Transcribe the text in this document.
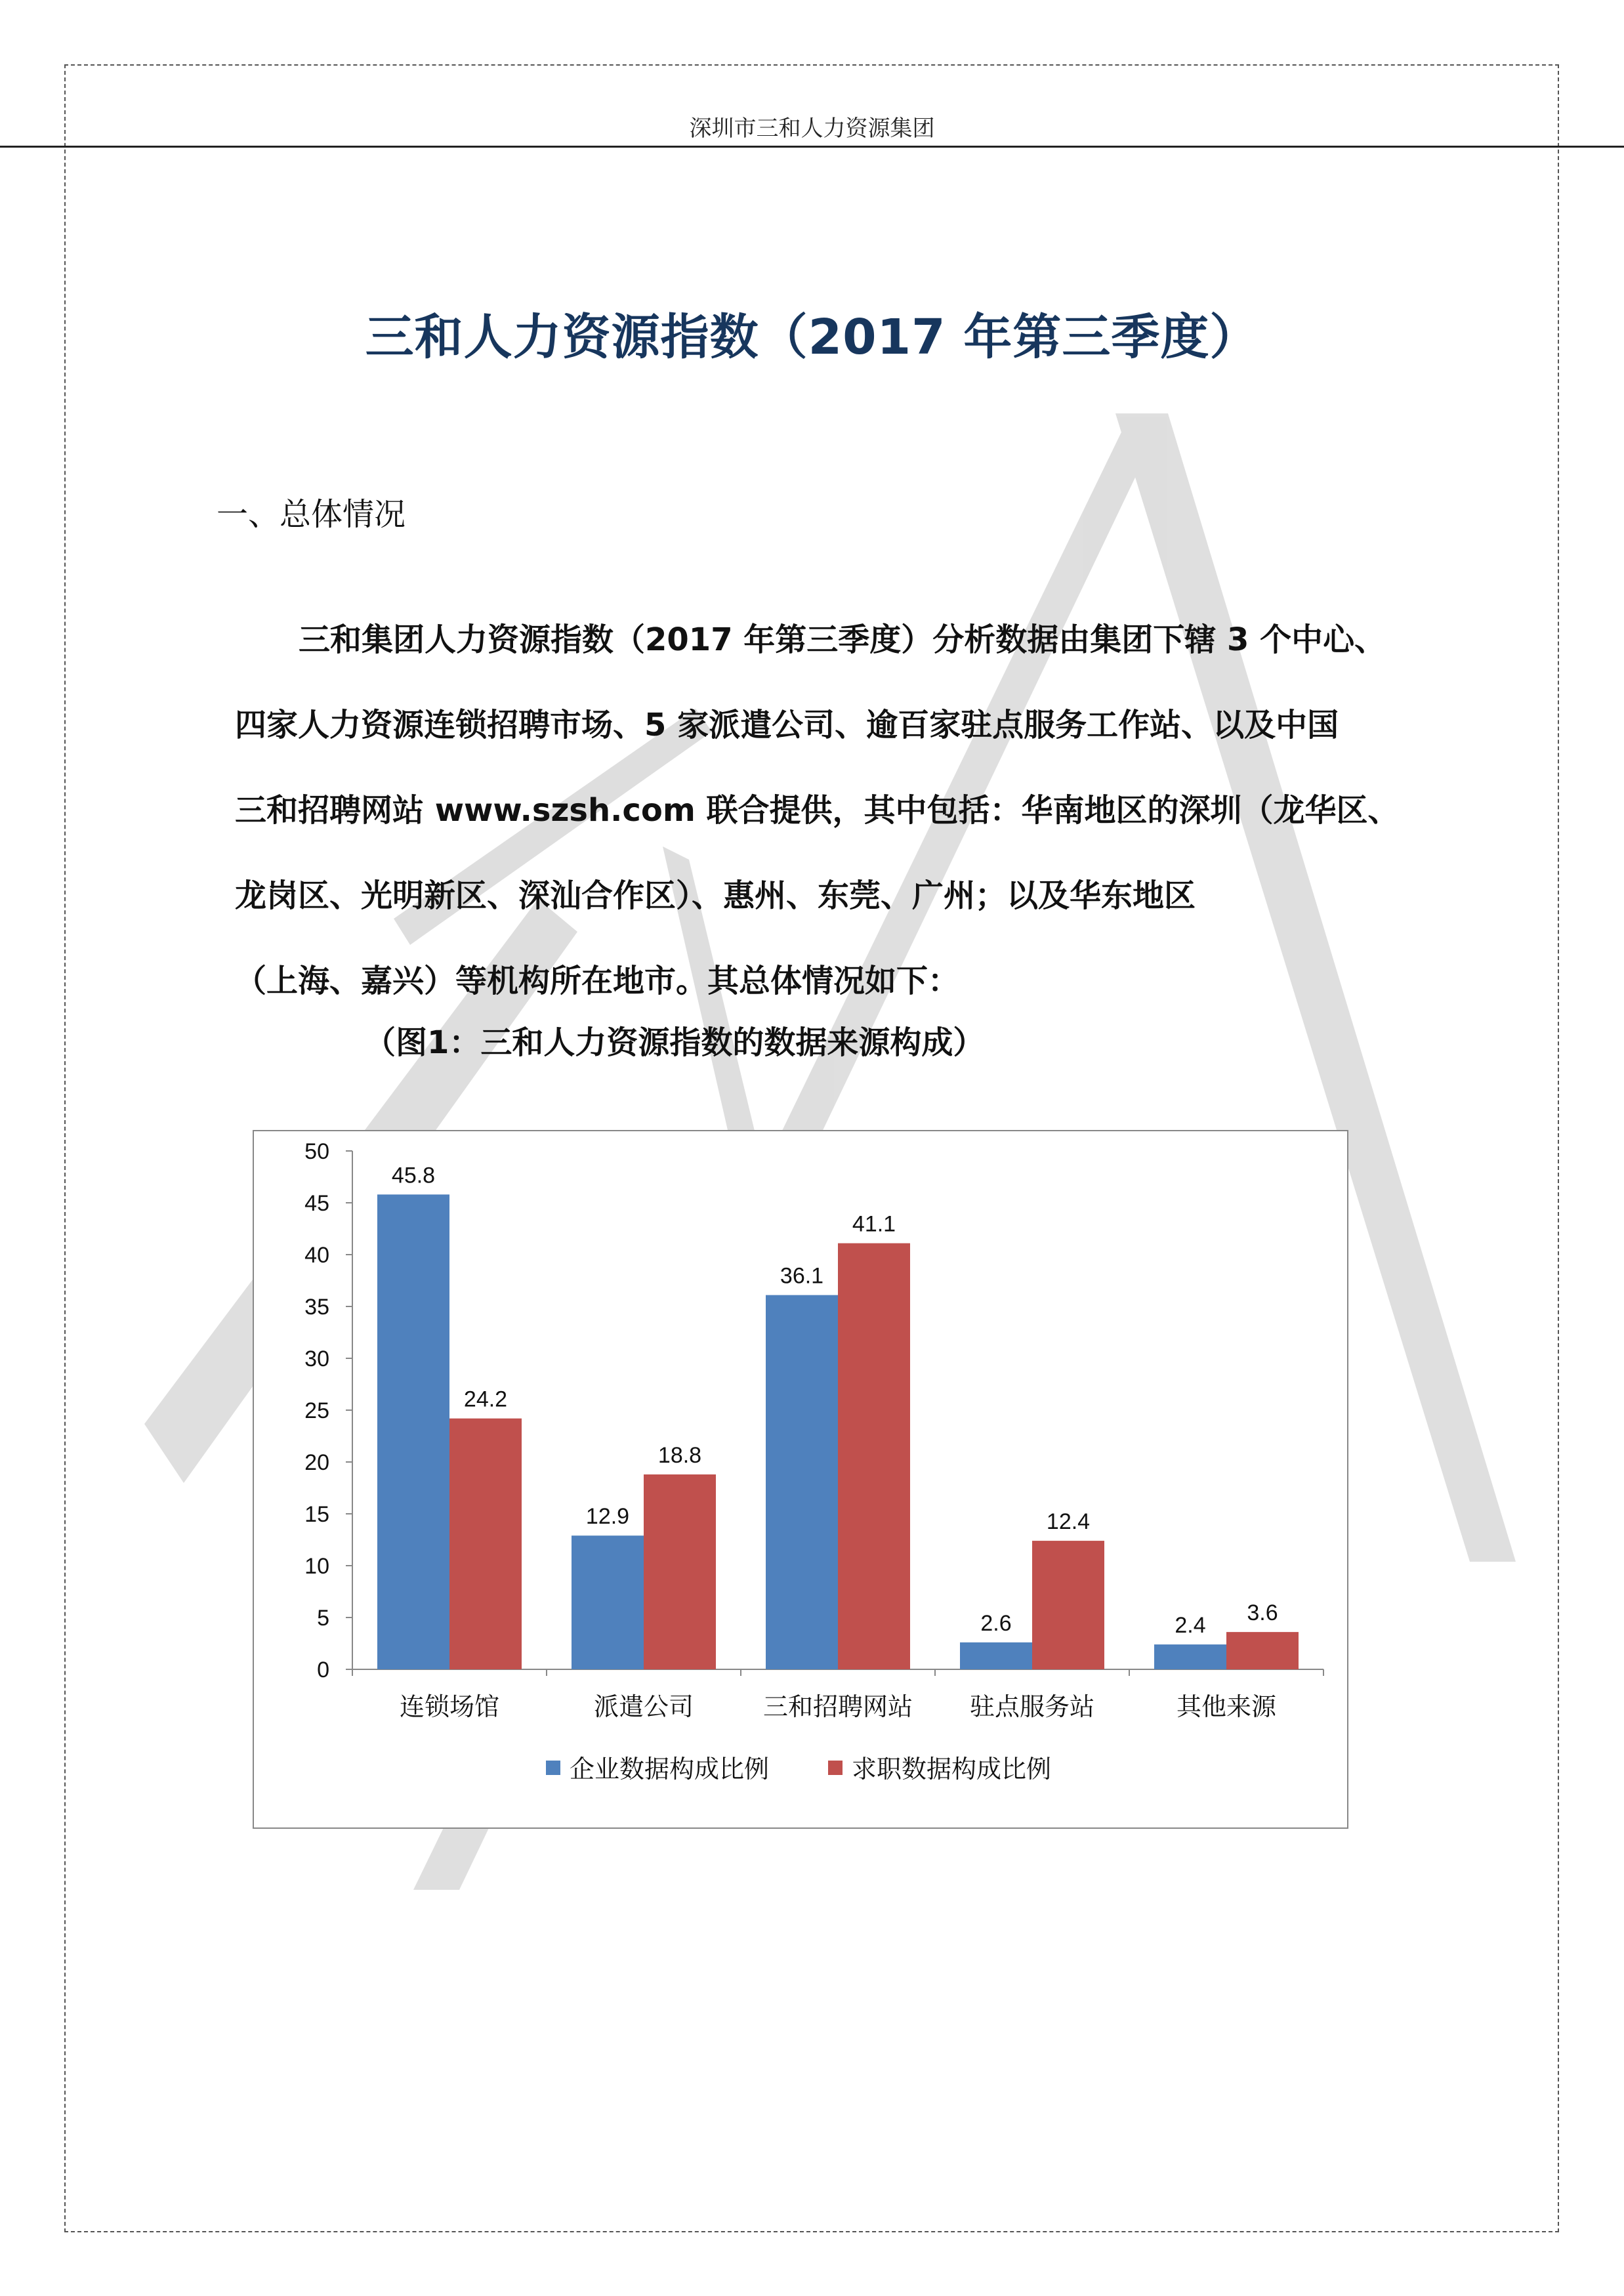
深圳市三和人力资源集团
三和人力资源指数（2017 年第三季度）
一、总体情况
三和集团人力资源指数（2017 年第三季度）分析数据由集团下辖 3 个中心、
四家人力资源连锁招聘市场、5 家派遣公司、逾百家驻点服务工作站、以及中国
三和招聘网站 www.szsh.com 联合提供，其中包括：华南地区的深圳（龙华区、
龙岗区、光明新区、深汕合作区）、惠州、东莞、广州；以及华东地区
（上海、嘉兴）等机构所在地市。其总体情况如下：
（图1：三和人力资源指数的数据来源构成）
0
5
10
15
20
25
30
35
40
45
50
45.8
24.2
连锁场馆
12.9
18.8
派遣公司
36.1
41.1
三和招聘网站
2.6
12.4
驻点服务站
2.4 3.6
其他来源
企业数据构成比例	求职数据构成比例
